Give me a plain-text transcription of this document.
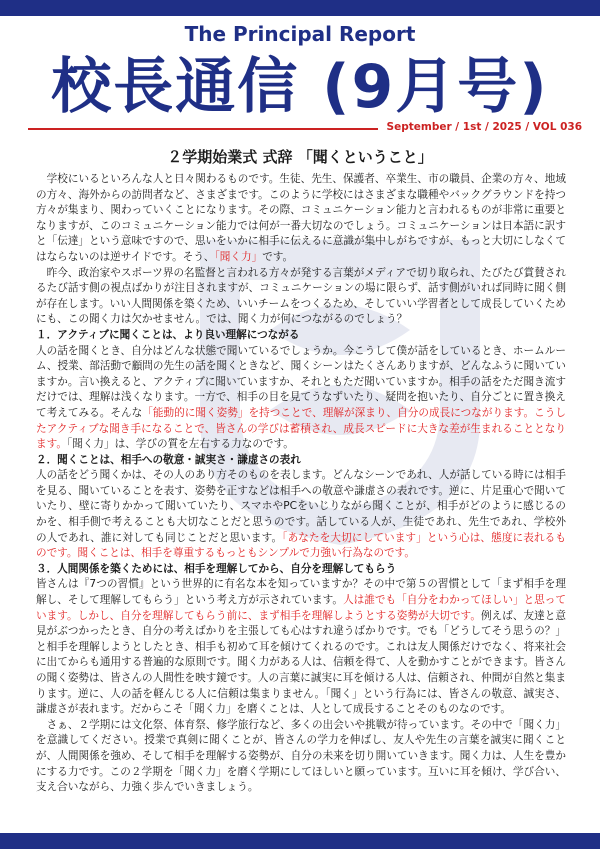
The Principal Report
校長通信 (9月号)
September / 1st / 2025 / VOL 036
２学期始業式 式辞 「聞くということ」

学校にいるといろんな人と日々関わるものです。生徒、先生、保護者、卒業生、市の職員、企業の方々、地域の方々、海外からの訪問者など、さまざまです。このように学校にはさまざまな職種やバックグラウンドを持つ方々が集まり、関わっていくことになります。その際、コミュニケーション能力と言われるものが非常に重要となりますが、このコミュニケーション能力では何が一番大切なのでしょう。コミュニケーションは日本語に訳すと「伝達」という意味ですので、思いをいかに相手に伝えるに意識が集中しがちですが、もっと大切にしなくてはならないのは逆サイドです。そう、「聞く力」です。

昨今、政治家やスポーツ界の名監督と言われる方々が発する言葉がメディアで切り取られ、たびたび賞賛されるたび話す側の視点ばかりが注目されますが、コミュニケーションの場に限らず、話す側がいれば同時に聞く側が存在します。いい人間関係を築くため、いいチームをつくるため、そしていい学習者として成長していくためにも、この聞く力は欠かせません。では、聞く力が何につながるのでしょう？

１．アクティブに聞くことは、より良い理解につながる

人の話を聞くとき、自分はどんな状態で聞いているでしょうか。今こうして僕が話をしているとき、ホームルーム、授業、部活動で顧問の先生の話を聞くときなど、聞くシーンはたくさんありますが、どんなふうに聞いていますか。言い換えると、アクティブに聞いていますか、それともただ聞いていますか。相手の話をただ聞き流すだけでは、理解は浅くなります。一方で、相手の目を見てうなずいたり、疑問を抱いたり、自分ごとに置き換えて考えてみる。そんな「能動的に聞く姿勢」を持つことで、理解が深まり、自分の成長につながります。こうしたアクティブな聞き手になることで、皆さんの学びは蓄積され、成長スピードに大きな差が生まれることとなります。「聞く力」は、学びの質を左右する力なのです。

２．聞くことは、相手への敬意・誠実さ・謙虚さの表れ

人の話をどう聞くかは、その人のあり方そのものを表します。どんなシーンであれ、人が話している時には相手を見る、聞いていることを表す、姿勢を正すなどは相手への敬意や謙虚さの表れです。逆に、片足重心で聞いていたり、壁に寄りかかって聞いていたり、スマホやPCをいじりながら聞くことが、相手がどのように感じるのかを、相手側で考えることも大切なことだと思うのです。話している人が、生徒であれ、先生であれ、学校外の人であれ、誰に対しても同じことだと思います。「あなたを大切にしています」という心は、態度に表れるものです。聞くことは、相手を尊重するもっともシンプルで力強い行為なのです。

３．人間関係を築くためには、相手を理解してから、自分を理解してもらう

皆さんは『7つの習慣』という世界的に有名な本を知っていますか？その中で第５の習慣として「まず相手を理解し、そして理解してもらう」という考え方が示されています。人は誰でも「自分をわかってほしい」と思っています。しかし、自分を理解してもらう前に、まず相手を理解しようとする姿勢が大切です。例えば、友達と意見がぶつかったとき、自分の考えばかりを主張しても心はすれ違うばかりです。でも「どうしてそう思うの？」と相手を理解しようとしたとき、相手も初めて耳を傾けてくれるのです。これは友人関係だけでなく、将来社会に出てからも通用する普遍的な原則です。聞く力がある人は、信頼を得て、人を動かすことができます。皆さんの聞く姿勢は、皆さんの人間性を映す鏡です。人の言葉に誠実に耳を傾ける人は、信頼され、仲間が自然と集まります。逆に、人の話を軽んじる人に信頼は集まりません。「聞く」という行為には、皆さんの敬意、誠実さ、謙虚さが表れます。だからこそ「聞く力」を磨くことは、人として成長することそのものなのです。

さぁ、２学期には文化祭、体育祭、修学旅行など、多くの出会いや挑戦が待っています。その中で「聞く力」を意識してください。授業で真剣に聞くことが、皆さんの学力を伸ばし、友人や先生の言葉を誠実に聞くことが、人間関係を強め、そして相手を理解する姿勢が、自分の未来を切り開いていきます。聞く力は、人生を豊かにする力です。この２学期を「聞く力」を磨く学期にしてほしいと願っています。互いに耳を傾け、学び合い、支え合いながら、力強く歩んでいきましょう。
